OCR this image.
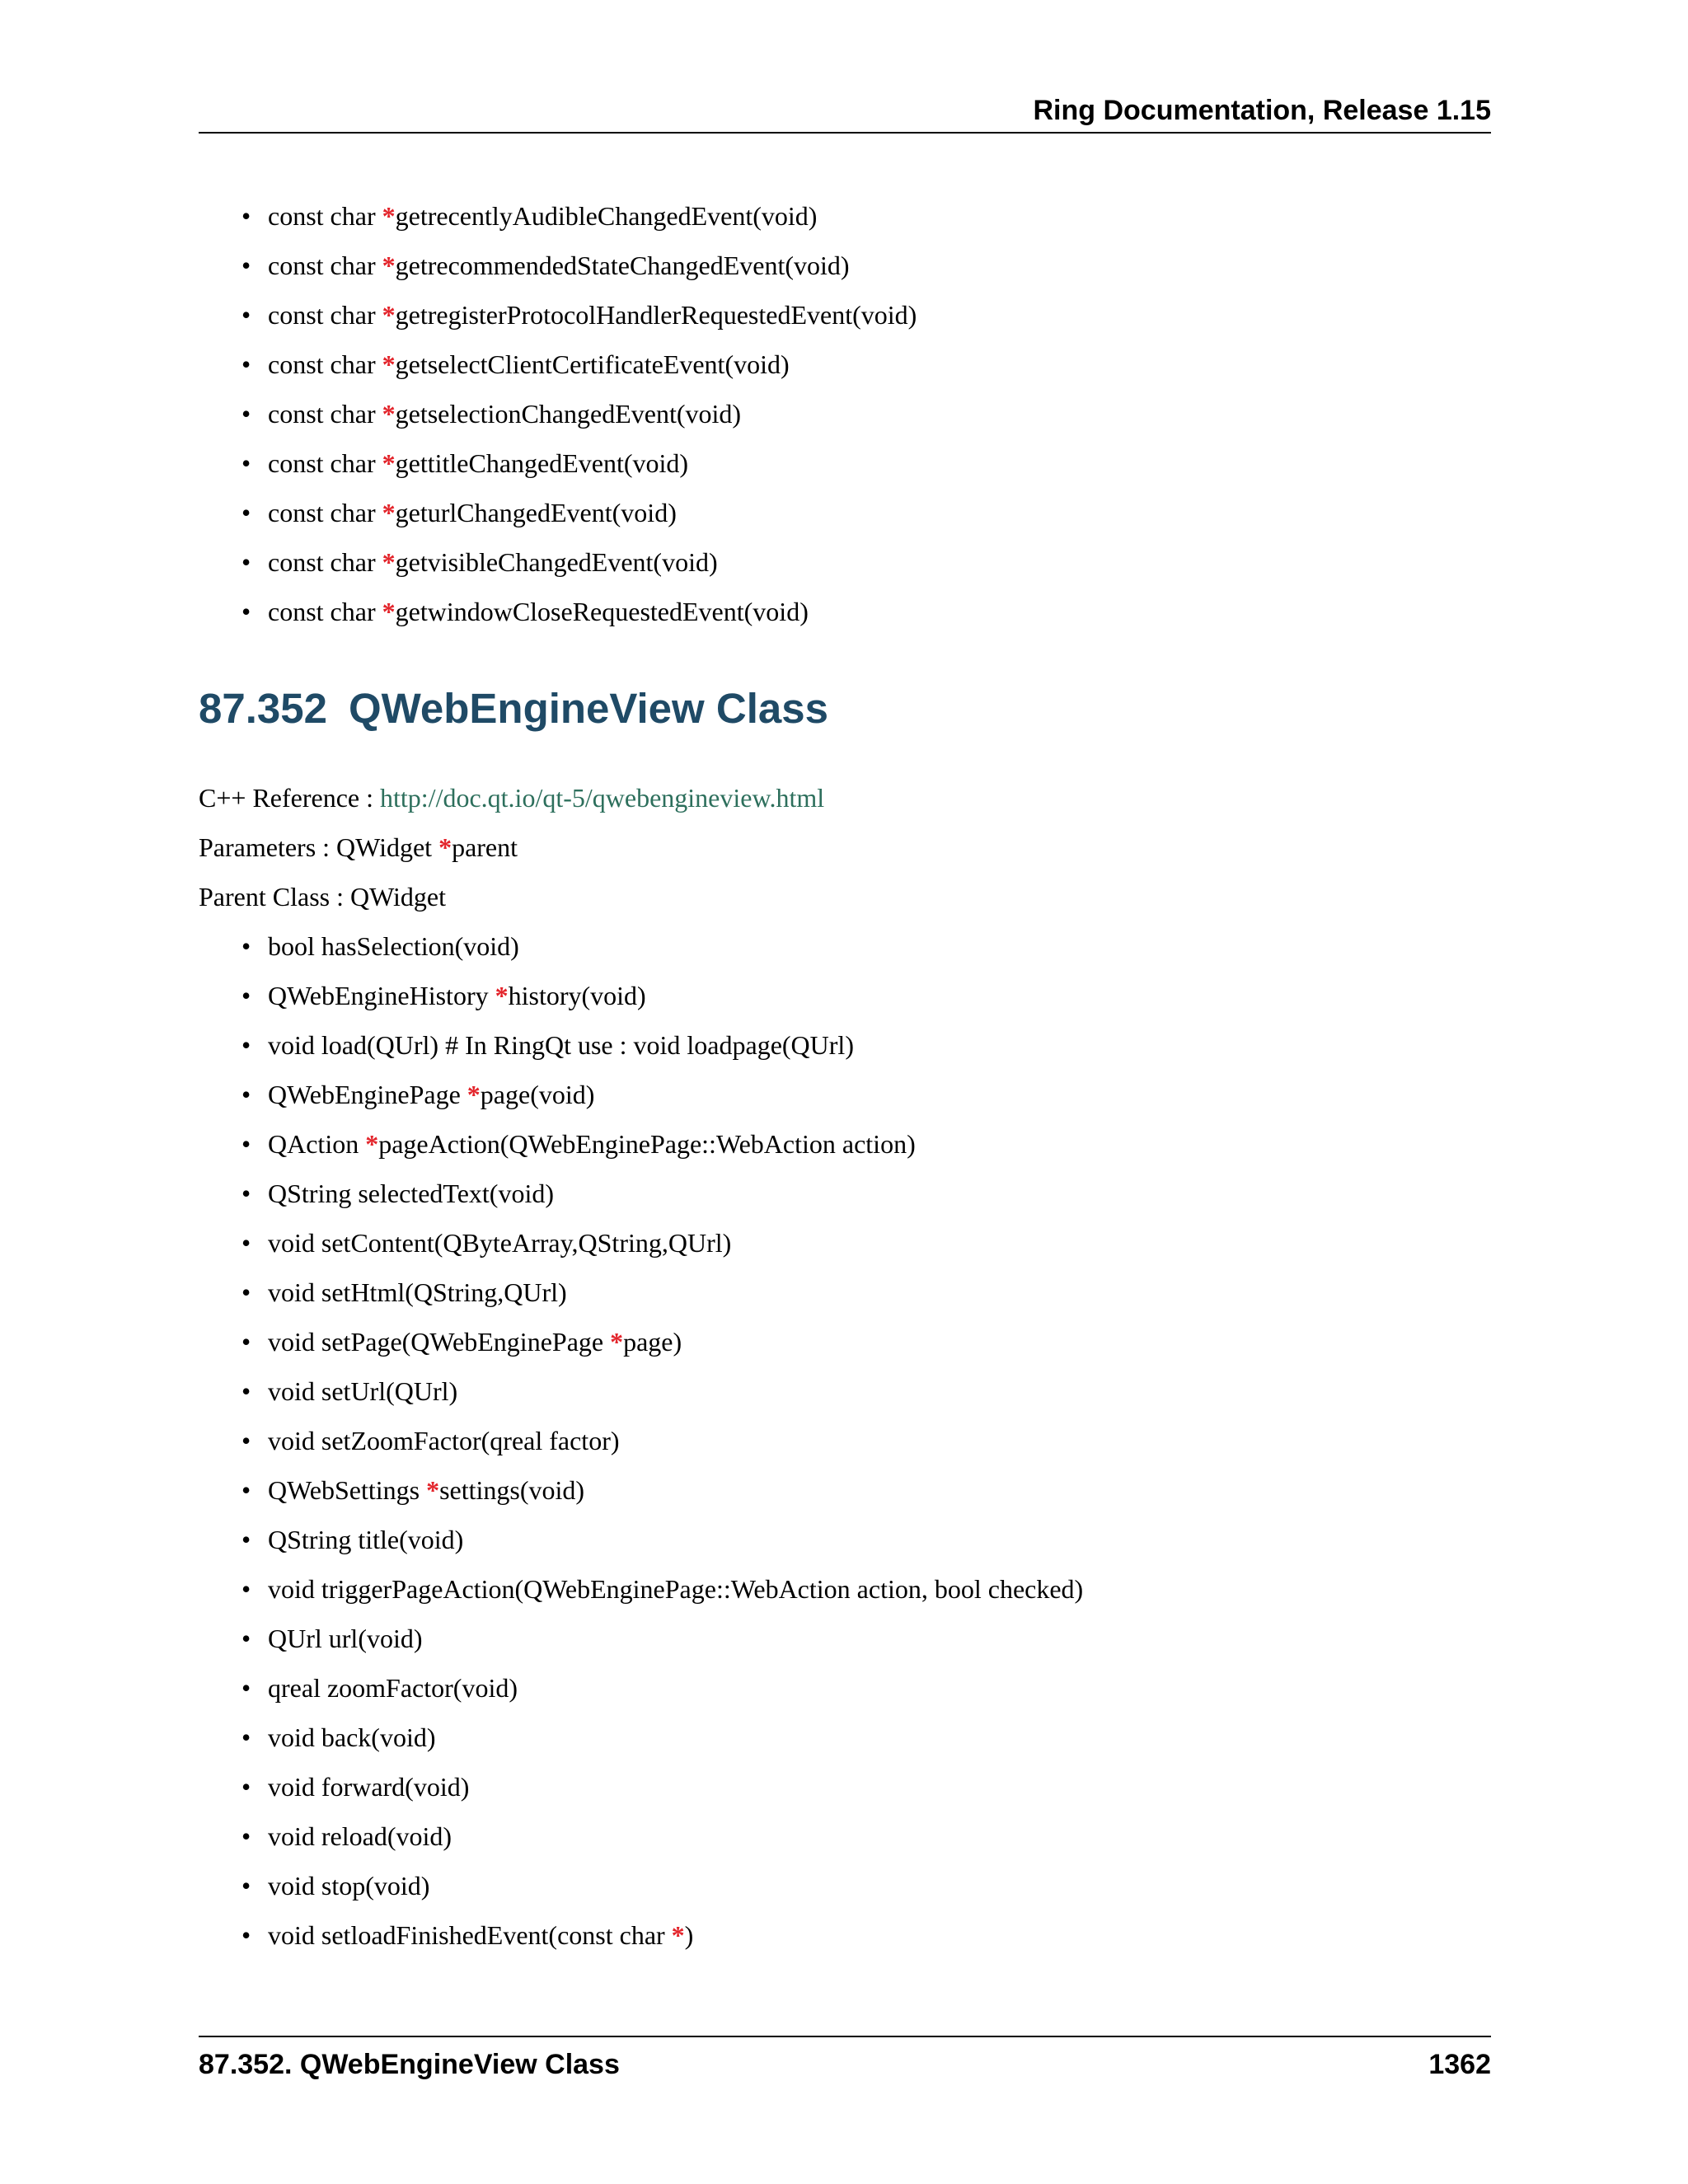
Ring Documentation, Release 1.15
• const char *getrecentlyAudibleChangedEvent(void)
• const char *getrecommendedStateChangedEvent(void)
• const char *getregisterProtocolHandlerRequestedEvent(void)
• const char *getselectClientCertificateEvent(void)
• const char *getselectionChangedEvent(void)
• const char *gettitleChangedEvent(void)
• const char *geturlChangedEvent(void)
• const char *getvisibleChangedEvent(void)
• const char *getwindowCloseRequestedEvent(void)
87.352 QWebEngineView Class
C++ Reference : http://doc.qt.io/qt-5/qwebengineview.html
Parameters : QWidget *parent
Parent Class : QWidget
• bool hasSelection(void)
• QWebEngineHistory *history(void)
• void load(QUrl) # In RingQt use : void loadpage(QUrl)
• QWebEnginePage *page(void)
• QAction *pageAction(QWebEnginePage::WebAction action)
• QString selectedText(void)
• void setContent(QByteArray,QString,QUrl)
• void setHtml(QString,QUrl)
• void setPage(QWebEnginePage *page)
• void setUrl(QUrl)
• void setZoomFactor(qreal factor)
• QWebSettings *settings(void)
• QString title(void)
• void triggerPageAction(QWebEnginePage::WebAction action, bool checked)
• QUrl url(void)
• qreal zoomFactor(void)
• void back(void)
• void forward(void)
• void reload(void)
• void stop(void)
• void setloadFinishedEvent(const char *)
87.352. QWebEngineView Class	1362
